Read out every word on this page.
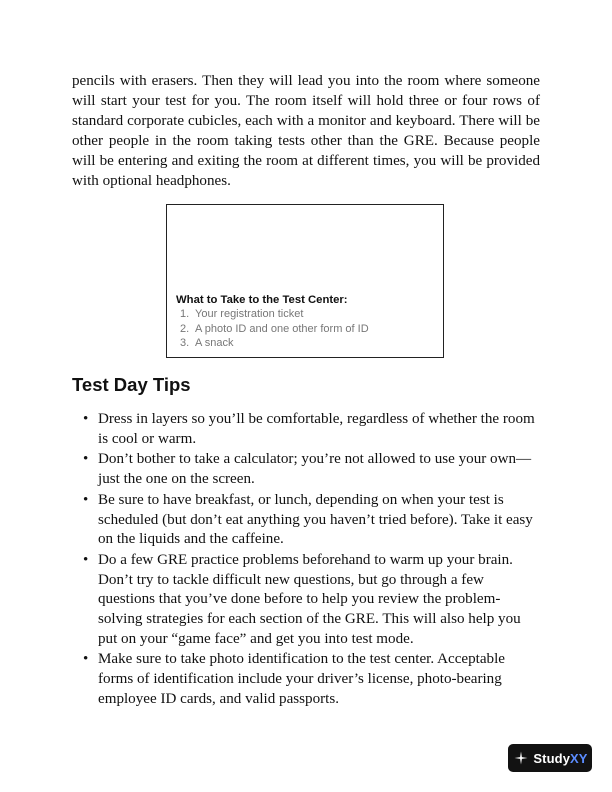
pencils with erasers. Then they will lead you into the room where someone will start your test for you. The room itself will hold three or four rows of standard corporate cubicles, each with a monitor and keyboard. There will be other people in the room taking tests other than the GRE. Because people will be entering and exiting the room at different times, you will be provided with optional headphones.

What to Take to the Test Center:

1. Your registration ticket
2. A photo ID and one other form of ID
3. A snack
Test Day Tips
• Dress in layers so you’ll be comfortable, regardless of whether the room is cool or warm.
• Don’t bother to take a calculator; you’re not allowed to use your own—just the one on the screen.
• Be sure to have breakfast, or lunch, depending on when your test is scheduled (but don’t eat anything you haven’t tried before). Take it easy on the liquids and the caffeine.
• Do a few GRE practice problems beforehand to warm up your brain. Don’t try to tackle difficult new questions, but go through a few questions that you’ve done before to help you review the problem-solving strategies for each section of the GRE. This will also help you put on your “game face” and get you into test mode.
• Make sure to take photo identification to the test center. Acceptable forms of identification include your driver’s license, photo-bearing employee ID cards, and valid passports.
StudyXY
